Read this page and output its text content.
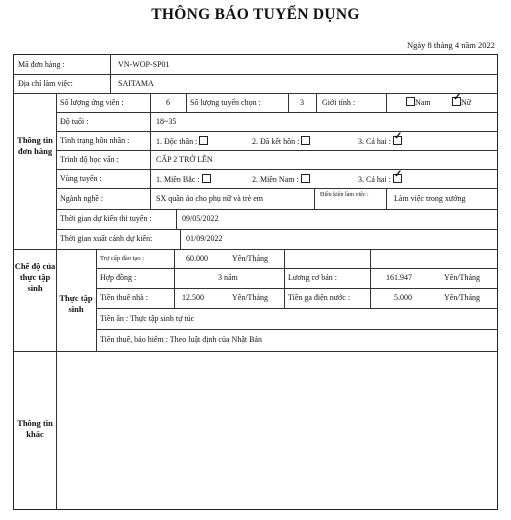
THÔNG BÁO TUYỂN DỤNG
Ngày 8 tháng 4 năm 2022
Mã đơn hàng :	VN-WOP-SP01
Địa chỉ làm việc:	SAITAMA
Thông tin đơn hàng
Chế độ của thực tập sinh
Thực tập sinh
Thông tin khác
Số lượng ứng viên :	6	Số lượng tuyển chọn :	3 Giới tính :	Nam
✓	Nữ
Độ tuổi :	18~35
Tình trạng hôn nhân :	1. Độc thân :	2. Đã kết hôn :	3. Cả hai :✓
Trình độ học vấn :	CẤP 2 TRỞ LÊN
Vùng tuyển :	1. Miền Bắc :	2. Miền Nam :	3. Cả hai :✓
Ngành nghề :	SX quần áo cho phụ nữ và trẻ em	Điều kiện làm việc :	Làm việc trong xưởng
Thời gian dự kiến thi tuyển :	09/05/2022
Thời gian xuất cảnh dự kiến:	01/09/2022
Trợ cấp đào tạo :	60.000	Yên/Tháng
Hợp đồng :	3 năm	Lương cơ bản :	161.947	Yên/Tháng
Tiền thuê nhà :	12.500	Yên/Tháng	Tiền ga điện nước :	5.000	Yên/Tháng
Tiền ăn : Thực tập sinh tự túc
Tiền thuế, bảo hiểm : Theo luật định của Nhật Bản
